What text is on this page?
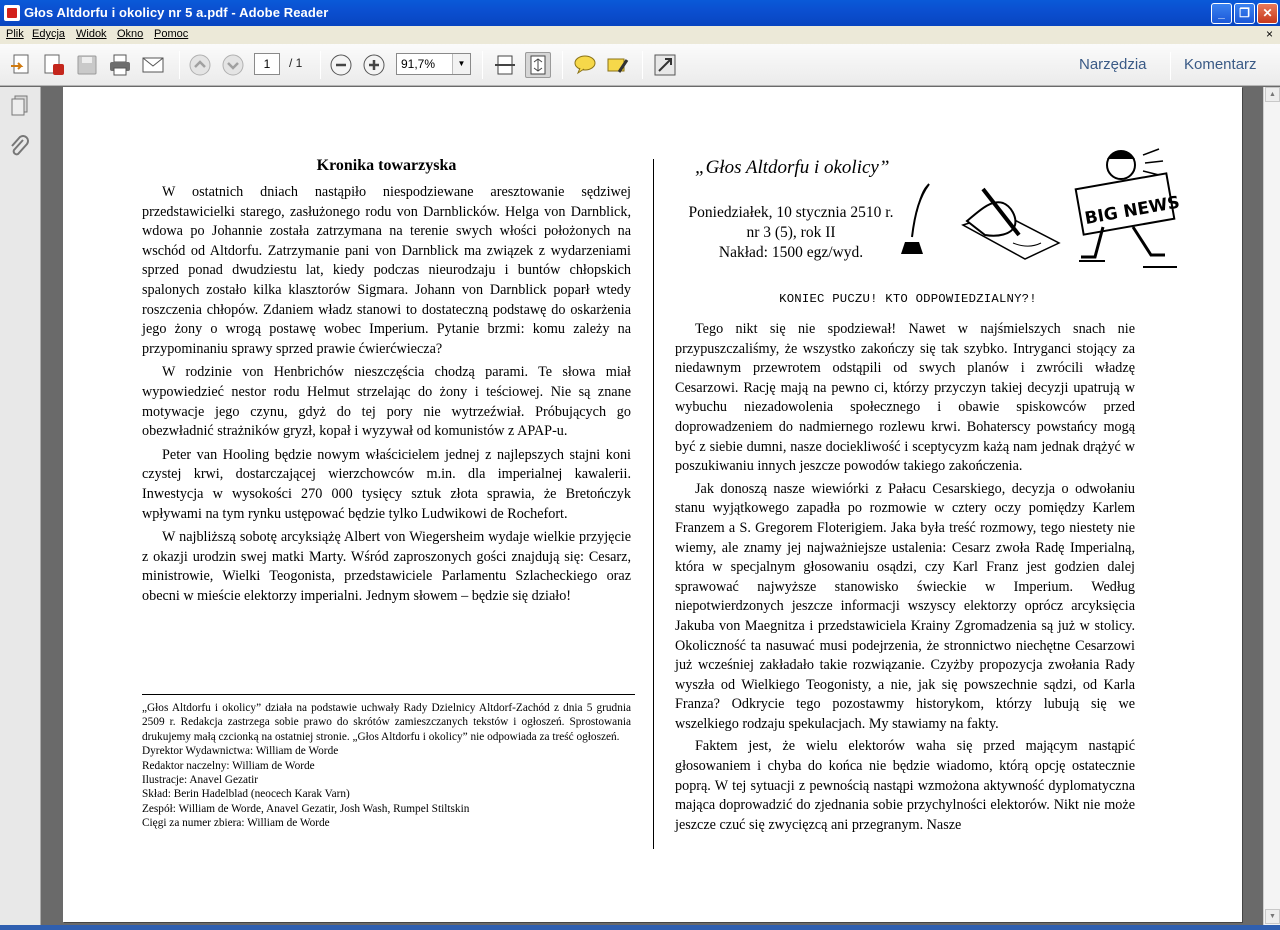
Głos Altdorfu i okolicy nr 5 a.pdf - Adobe Reader	_	❐	✕
Plik Edycja Widok Okno Pomoc	×
1	/ 1	91,7%	▼	Narzędzia Komentarz
▲
▼
Kronika towarzyska

W ostatnich dniach nastąpiło niespodziewane aresztowanie sędziwej przedstawicielki starego, zasłużonego rodu von Darnblicków. Helga von Darnblick, wdowa po Johannie została zatrzymana na terenie swych włości położonych na wschód od Altdorfu. Zatrzymanie pani von Darnblick ma związek z wydarzeniami sprzed ponad dwudziestu lat, kiedy podczas nieurodzaju i buntów chłopskich spalonych zostało kilka klasztorów Sigmara. Johann von Darnblick poparł wtedy roszczenia chłopów. Zdaniem władz stanowi to dostateczną podstawę do oskarżenia jego żony o wrogą postawę wobec Imperium. Pytanie brzmi: komu zależy na przypominaniu sprawy sprzed prawie ćwierćwiecza?

W rodzinie von Henbrichów nieszczęścia chodzą parami. Te słowa miał wypowiedzieć nestor rodu Helmut strzelając do żony i teściowej. Nie są znane motywacje jego czynu, gdyż do tej pory nie wytrzeźwiał. Próbujących go obezwładnić strażników gryzł, kopał i wyzywał od komunistów z APAP-u.

Peter van Hooling będzie nowym właścicielem jednej z najlepszych stajni koni czystej krwi, dostarczającej wierzchowców m.in. dla imperialnej kawalerii. Inwestycja w wysokości 270 000 tysięcy sztuk złota sprawia, że Bretończyk wpływami na tym rynku ustępować będzie tylko Ludwikowi de Rochefort.

W najbliższą sobotę arcyksiążę Albert von Wiegersheim wydaje wielkie przyjęcie z okazji urodzin swej matki Marty. Wśród zaproszonych gości znajdują się: Cesarz, ministrowie, Wielki Teogonista, przedstawiciele Parlamentu Szlacheckiego oraz obecni w mieście elektorzy imperialni. Jednym słowem – będzie się działo!

„Głos Altdorfu i okolicy” działa na podstawie uchwały Rady Dzielnicy Altdorf-Zachód z dnia 5 grudnia 2509 r. Redakcja zastrzega sobie prawo do skrótów zamieszczanych tekstów i ogłoszeń. Sprostowania drukujemy małą czcionką na ostatniej stronie. „Głos Altdorfu i okolicy” nie odpowiada za treść ogłoszeń.
Dyrektor Wydawnictwa: William de Worde
Redaktor naczelny: William de Worde
Ilustracje: Anavel Gezatir
Skład: Berin Hadelblad (neocech Karak Varn)
Zespół: William de Worde, Anavel Gezatir, Josh Wash, Rumpel Stiltskin
Cięgi za numer zbiera: William de Worde
„Głos Altdorfu i okolicy”
Poniedziałek, 10 stycznia 2510 r.
nr 3 (5), rok II
Nakład: 1500 egz/wyd.
BIG NEWS
KONIEC PUCZU! KTO ODPOWIEDZIALNY?!

Tego nikt się nie spodziewał! Nawet w najśmielszych snach nie przypuszczaliśmy, że wszystko zakończy się tak szybko. Intryganci stojący za niedawnym przewrotem odstąpili od swych planów i zwrócili władzę Cesarzowi. Rację mają na pewno ci, którzy przyczyn takiej decyzji upatrują w wybuchu niezadowolenia społecznego i obawie spiskowców przed doprowadzeniem do nadmiernego rozlewu krwi. Bohaterscy powstańcy mogą być z siebie dumni, nasze dociekliwość i sceptycyzm każą nam jednak drążyć w poszukiwaniu innych jeszcze powodów takiego zakończenia.

Jak donoszą nasze wiewiórki z Pałacu Cesarskiego, decyzja o odwołaniu stanu wyjątkowego zapadła po rozmowie w cztery oczy pomiędzy Karlem Franzem a S. Gregorem Floterigiem. Jaka była treść rozmowy, tego niestety nie wiemy, ale znamy jej najważniejsze ustalenia: Cesarz zwoła Radę Imperialną, która w specjalnym głosowaniu osądzi, czy Karl Franz jest godzien dalej sprawować najwyższe stanowisko świeckie w Imperium. Według niepotwierdzonych jeszcze informacji wszyscy elektorzy oprócz arcyksięcia Jakuba von Maegnitza i przedstawiciela Krainy Zgromadzenia są już w stolicy. Okoliczność ta nasuwać musi podejrzenia, że stronnictwo niechętne Cesarzowi już wcześniej zakładało takie rozwiązanie. Czyżby propozycja zwołania Rady wyszła od Wielkiego Teogonisty, a nie, jak się powszechnie sądzi, od Karla Franza? Odkrycie tego pozostawmy historykom, którzy lubują się we wszelkiego rodzaju spekulacjach. My stawiamy na fakty.

Faktem jest, że wielu elektorów waha się przed mającym nastąpić głosowaniem i chyba do końca nie będzie wiadomo, którą opcję ostatecznie poprą. W tej sytuacji z pewnością nastąpi wzmożona aktywność dyplomatyczna mająca doprowadzić do zjednania sobie przychylności elektorów. Nikt nie może jeszcze czuć się zwycięzcą ani przegranym. Nasze
